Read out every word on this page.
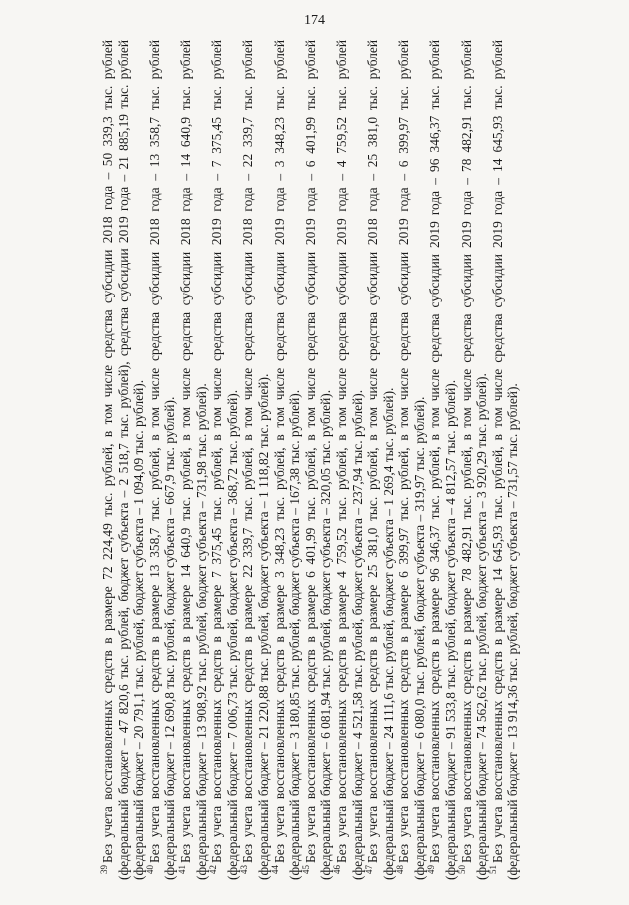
174

$^{39}$Без учета восстановленных средств в размере 72 224,49 тыс. рублей, в том числе средства субсидии 2018 года – 50 339,3 тыс. рублей (федеральный бюджет – 47 820,6 тыс. рублей, бюджет субъекта – 2 518,7 тыс. рублей), средства субсидии 2019 года – 21 885,19 тыс. рублей (федеральный бюджет – 20 791,1 тыс. рублей, бюджет субъекта – 1 094,09 тыс. рублей). $^{40}$Без учета восстановленных средств в размере 13 358,7 тыс. рублей, в том числе средства субсидии 2018 года – 13 358,7 тыс. рублей (федеральный бюджет – 12 690,8 тыс. рублей, бюджет субъекта – 667,9 тыс. рублей). $^{41}$Без учета восстановленных средств в размере 14 640,9 тыс. рублей, в том числе средства субсидии 2018 года – 14 640,9 тыс. рублей (федеральный бюджет – 13 908,92 тыс. рублей, бюджет субъекта – 731,98 тыс. рублей). $^{42}$Без учета восстановленных средств в размере 7 375,45 тыс. рублей, в том числе средства субсидии 2019 года – 7 375,45 тыс. рублей (федеральный бюджет – 7 006,73 тыс. рублей, бюджет субъекта – 368,72 тыс. рублей). $^{43}$Без учета восстановленных средств в размере 22 339,7 тыс. рублей, в том числе средства субсидии 2018 года – 22 339,7 тыс. рублей (федеральный бюджет – 21 220,88 тыс. рублей, бюджет субъекта – 1 118,82 тыс. рублей). $^{44}$Без учета восстановленных средств в размере 3 348,23 тыс. рублей, в том числе средства субсидии 2019 года – 3 348,23 тыс. рублей (федеральный бюджет – 3 180,85 тыс. рублей, бюджет субъекта – 167,38 тыс. рублей). $^{45}$Без учета восстановленных средств в размере 6 401,99 тыс. рублей, в том числе средства субсидии 2019 года – 6 401,99 тыс. рублей (федеральный бюджет – 6 081,94 тыс. рублей, бюджет субъекта – 320,05 тыс. рублей). $^{46}$Без учета восстановленных средств в размере 4 759,52 тыс. рублей, в том числе средства субсидии 2019 года – 4 759,52 тыс. рублей (федеральный бюджет – 4 521,58 тыс. рублей, бюджет субъекта – 237,94 тыс. рублей). $^{47}$Без учета восстановленных средств в размере 25 381,0 тыс. рублей, в том числе средства субсидии 2018 года – 25 381,0 тыс. рублей (федеральный бюджет – 24 111,6 тыс. рублей, бюджет субъекта – 1 269,4 тыс. рублей). $^{48}$Без учета восстановленных средств в размере 6 399,97 тыс. рублей, в том числе средства субсидии 2019 года – 6 399,97 тыс. рублей (федеральный бюджет – 6 080,0 тыс. рублей, бюджет субъекта – 319,97 тыс. рублей). $^{49}$Без учета восстановленных средств в размере 96 346,37 тыс. рублей, в том числе средства субсидии 2019 года – 96 346,37 тыс. рублей (федеральный бюджет – 91 533,8 тыс. рублей, бюджет субъекта – 4 812,57 тыс. рублей). $^{50}$Без учета восстановленных средств в размере 78 482,91 тыс. рублей, в том числе средства субсидии 2019 года – 78 482,91 тыс. рублей (федеральный бюджет – 74 562,62 тыс. рублей, бюджет субъекта – 3 920,29 тыс. рублей). $^{51}$Без учета восстановленных средств в размере 14 645,93 тыс. рублей, в том числе средства субсидии 2019 года – 14 645,93 тыс. рублей (федеральный бюджет – 13 914,36 тыс. рублей, бюджет субъекта – 731,57 тыс. рублей).
